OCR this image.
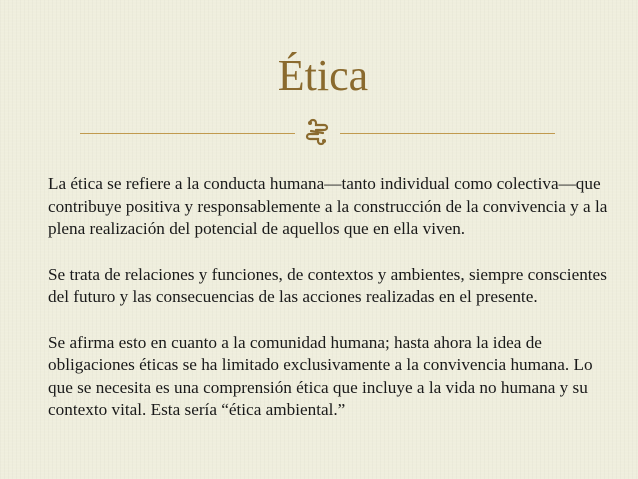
Ética

La ética se refiere a la conducta humana—tanto individual como colectiva—que contribuye positiva y responsablemente a la construcción de la convivencia y a la plena realización del potencial de aquellos que en ella viven.

Se trata de relaciones y funciones, de contextos y ambientes, siempre conscientes del futuro y las consecuencias de las acciones realizadas en el presente.

Se afirma esto en cuanto a la comunidad humana; hasta ahora la idea de obligaciones éticas se ha limitado exclusivamente a la convivencia humana. Lo que se necesita es una comprensión ética que incluye a la vida no humana y su contexto vital. Esta sería “ética ambiental.”
